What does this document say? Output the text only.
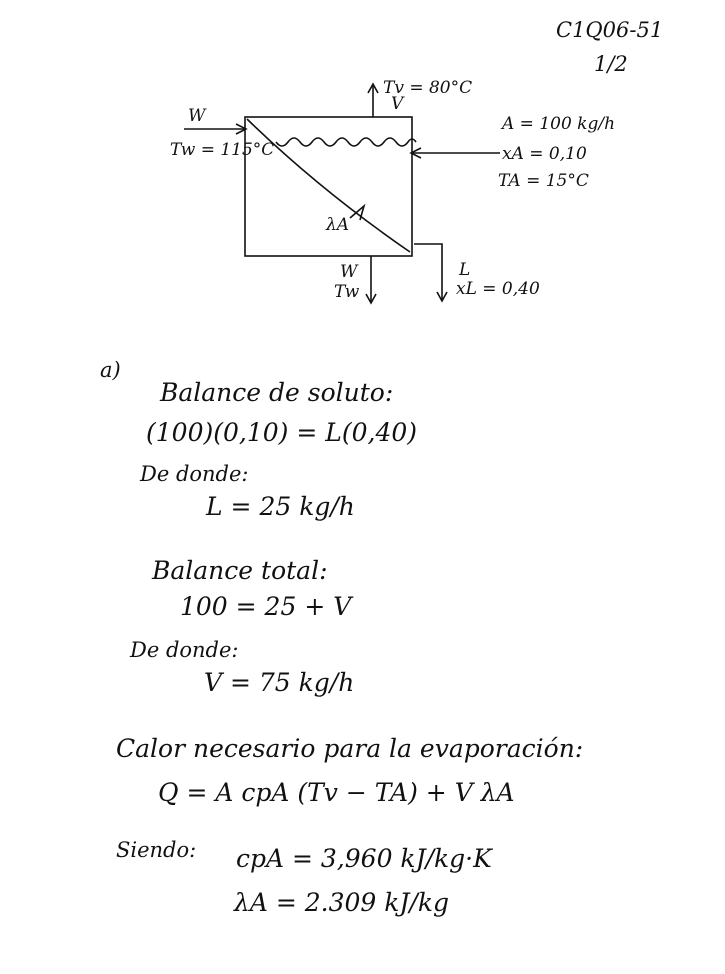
C1Q06-51
1/2
Tv = 80°C
V
W
Tw = 115°C
A = 100 kg/h
xA = 0,10
TA = 15°C
λA
W
Tw
L
xL = 0,40
a)
Balance de soluto:
(100)(0,10) = L(0,40)
De donde:
L = 25 kg/h
Balance total:
100 = 25 + V
De donde:
V = 75 kg/h
Calor necesario para la evaporación:
Q = A cpA (Tv − TA) + V λA
Siendo: cpA = 3,960 kJ/kg·K
λA = 2.309 kJ/kg
